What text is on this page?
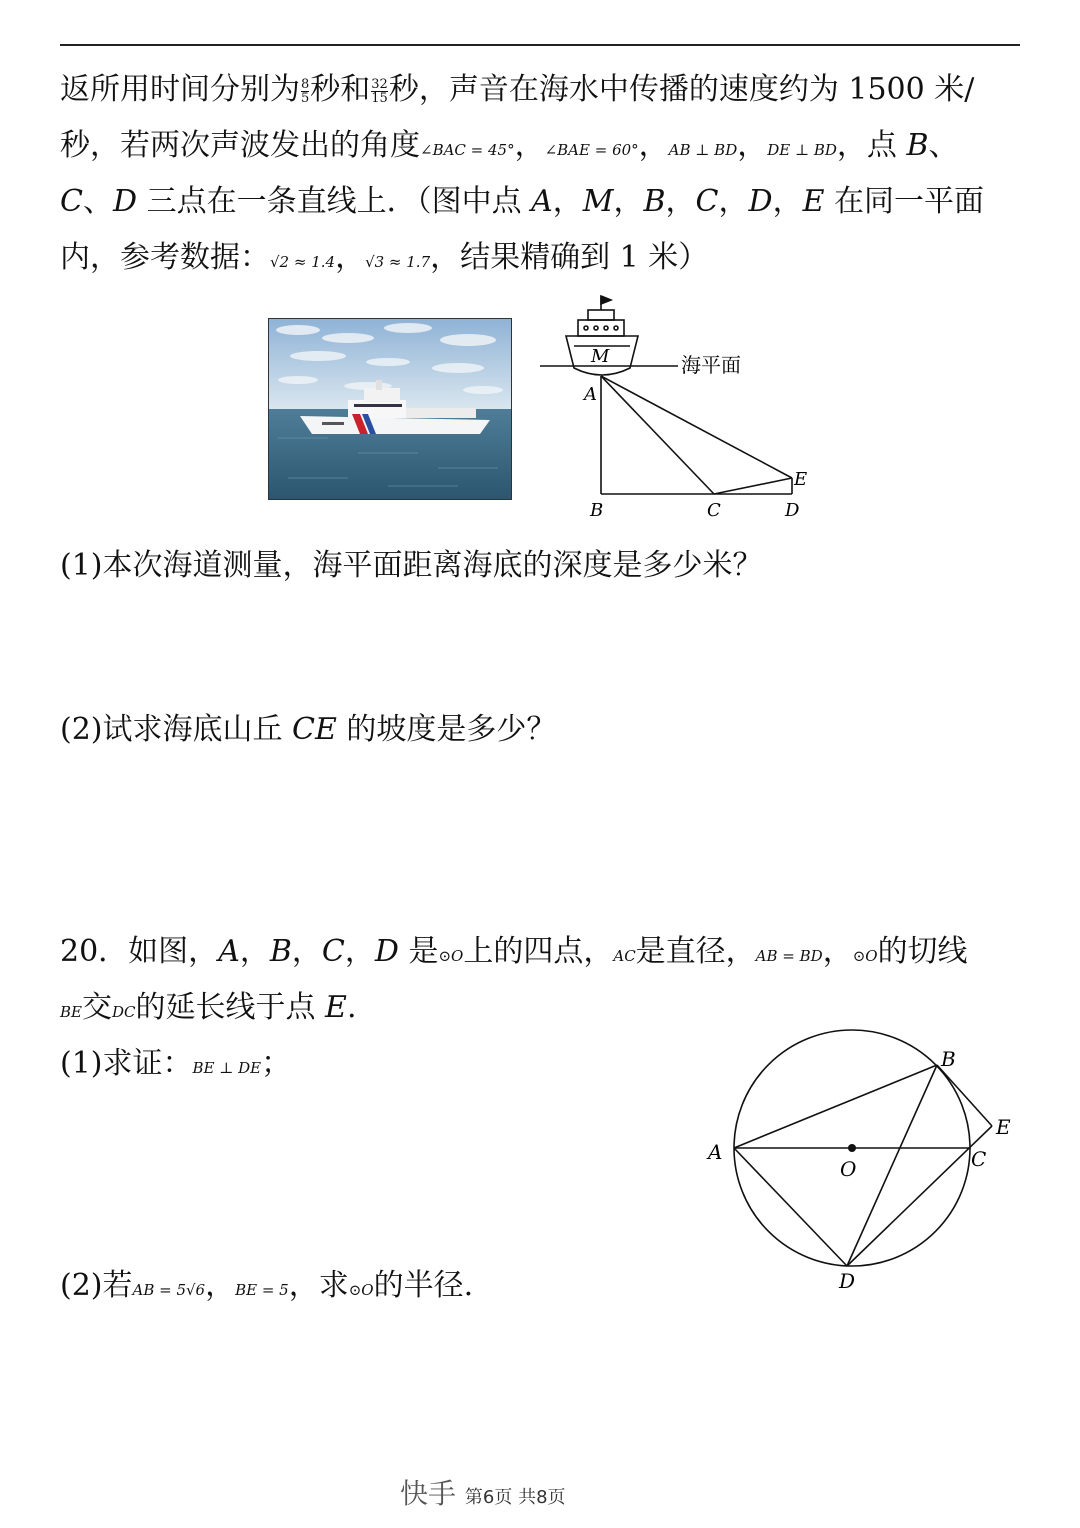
返所用时间分别为 $\frac{8}{5}$ 秒和 $\frac{32}{15}$ 秒，声音在海水中传播的速度约为 1500 米/
秒，若两次声波发出的角度∠BAC = 45°，∠BAE = 60°，AB ⊥ BD，DE ⊥ BD，点 B、
C、D 三点在一条直线上．（图中点 A，M，B，C，D，E 在同一平面
内，参考数据：√2 ≈ 1.4，√3 ≈ 1.7，结果精确到 1 米）
M
A
B	C	D
E
海平面
(1)本次海道测量，海平面距离海底的深度是多少米？
(2)试求海底山丘 CE 的坡度是多少？
20．如图，A，B，C，D 是⊙O上的四点，AC是直径，AB = BD，⊙O的切线
BE交DC的延长线于点 E.
(1)求证：BE ⊥ DE；
(2)若AB = 5√6，BE = 5，求⊙O的半径.
A
B
C
D
E
O
快手 第6页 共8页
